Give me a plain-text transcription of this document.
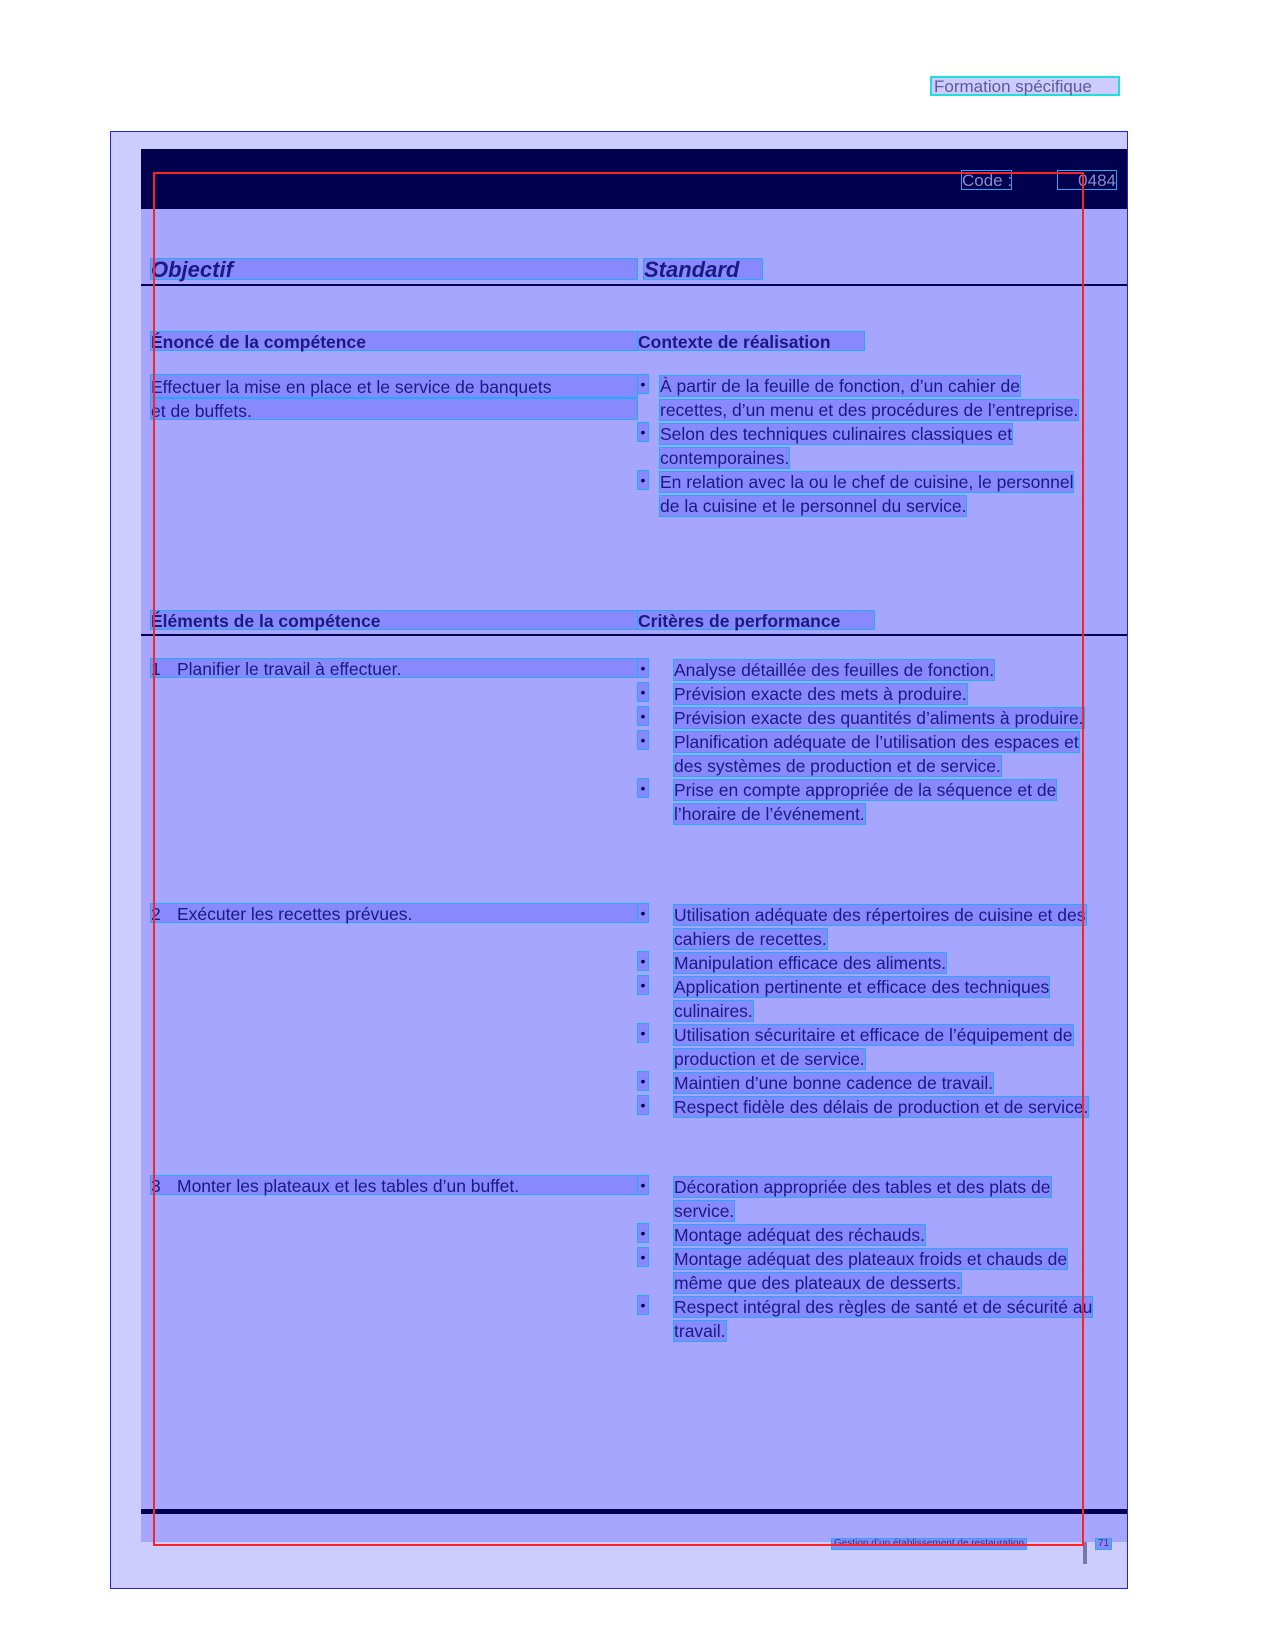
Formation spécifique
Code :	0484
Objectif	Standard
Énoncé de la compétence	Contexte de réalisation
Effectuer la mise en place et le service de banquets
et de buffets.
• À partir de la feuille de fonction, d’un cahier de recettes, d’un menu et des procédures de l’entreprise.
• Selon des techniques culinaires classiques et contemporaines.
• En relation avec la ou le chef de cuisine, le personnel de la cuisine et le personnel du service.
Éléments de la compétence	Critères de performance
1 Planifier le travail à effectuer.	• Analyse détaillée des feuilles de fonction.
• Prévision exacte des mets à produire.
• Prévision exacte des quantités d’aliments à produire.
• Planification adéquate de l’utilisation des espaces et des systèmes de production et de service.
• Prise en compte appropriée de la séquence et de l’horaire de l’événement.
2 Exécuter les recettes prévues.	• Utilisation adéquate des répertoires de cuisine et des cahiers de recettes.
• Manipulation efficace des aliments.
• Application pertinente et efficace des techniques culinaires.
• Utilisation sécuritaire et efficace de l’équipement de production et de service.
• Maintien d’une bonne cadence de travail.
• Respect fidèle des délais de production et de service.
3 Monter les plateaux et les tables d’un buffet.	• Décoration appropriée des tables et des plats de service.
• Montage adéquat des réchauds.
• Montage adéquat des plateaux froids et chauds de même que des plateaux de desserts.
• Respect intégral des règles de santé et de sécurité au travail.
Gestion d’un établissement de restauration	71
